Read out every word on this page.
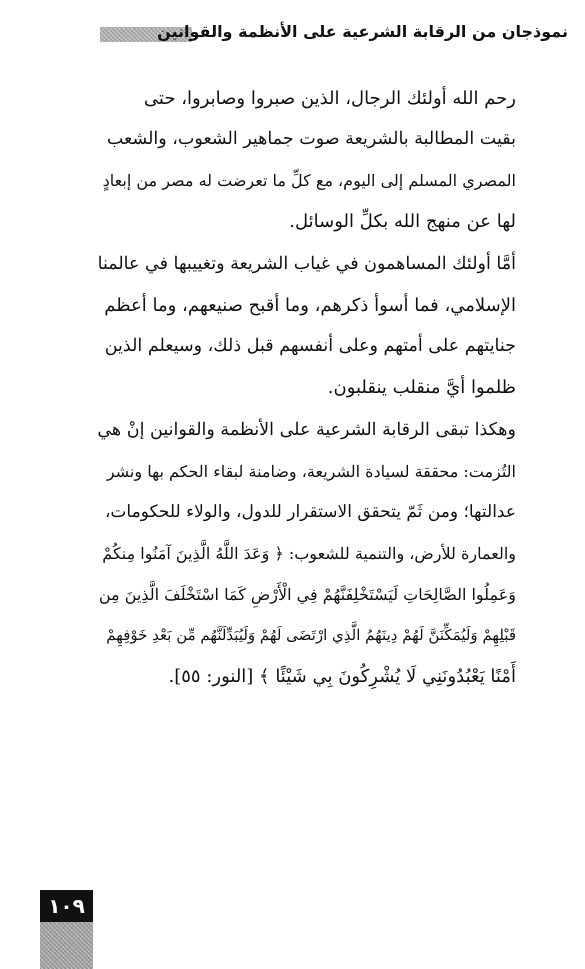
نموذجان من الرقابة الشرعية على الأنظمة والقوانين
رحم الله أولئك الرجال، الذين صبروا وصابروا، حتى
بقيت المطالبة بالشريعة صوت جماهير الشعوب، والشعب
المصري المسلم إلى اليوم، مع كلِّ ما تعرضت له مصر من إبعادٍ
لها عن منهج الله بكلِّ الوسائل.
أمَّا أولئك المساهمون في غياب الشريعة وتغييبها في عالمنا
الإسلامي، فما أسوأ ذكرهم، وما أقبح صنيعهم، وما أعظم
جنايتهم على أمتهم وعلى أنفسهم قبل ذلك، وسيعلم الذين
ظلموا أيَّ منقلب ينقلبون.
وهكذا تبقى الرقابة الشرعية على الأنظمة والقوانين إنْ هي
التُزمت: محققة لسيادة الشريعة، وضامنة لبقاء الحكم بها ونشر
عدالتها؛ ومن ثَمّ يتحقق الاستقرار للدول، والولاء للحكومات،
والعمارة للأرض، والتنمية للشعوب: ﴿ وَعَدَ اللَّهُ الَّذِينَ آمَنُوا مِنكُمْ
وَعَمِلُوا الصَّالِحَاتِ لَيَسْتَخْلِفَنَّهُمْ فِي الْأَرْضِ كَمَا اسْتَخْلَفَ الَّذِينَ مِن
قَبْلِهِمْ وَلَيُمَكِّنَنَّ لَهُمْ دِينَهُمُ الَّذِي ارْتَضَى لَهُمْ وَلَيُبَدِّلَنَّهُم مِّن بَعْدِ خَوْفِهِمْ
أَمْنًا يَعْبُدُونَنِي لَا يُشْرِكُونَ بِي شَيْئًا ﴾ [النور: ٥٥].
١٠٩
